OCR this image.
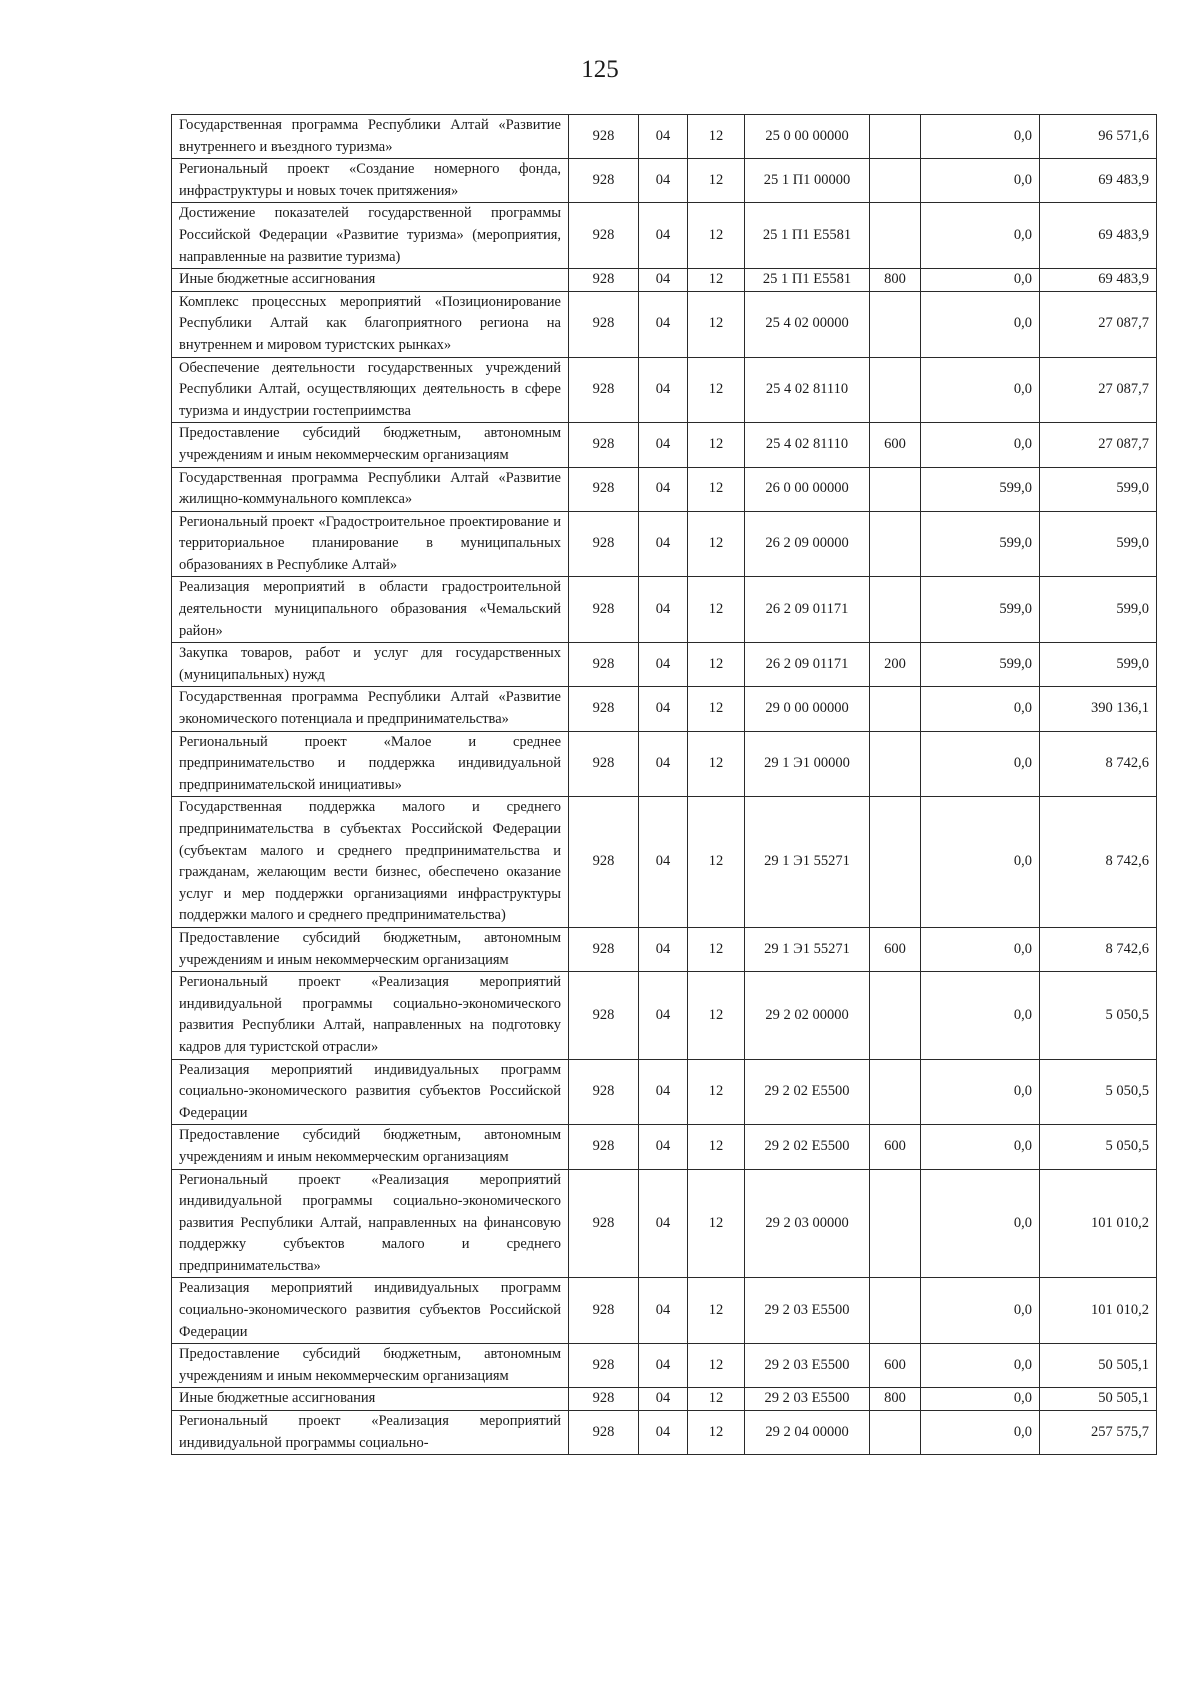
125
Государственная программа Республики Алтай «Развитие внутреннего и въездного туризма»	928	04	12	25 0 00 00000		0,0	96 571,6
Региональный проект «Создание номерного фонда, инфраструктуры и новых точек притяжения»	928	04	12	25 1 П1 00000		0,0	69 483,9
Достижение показателей государственной программы Российской Федерации «Развитие туризма» (мероприятия, направленные на развитие туризма)	928	04	12	25 1 П1 Е5581		0,0	69 483,9
Иные бюджетные ассигнования	928	04	12	25 1 П1 Е5581	800	0,0	69 483,9
Комплекс процессных мероприятий «Позиционирование Республики Алтай как благоприятного региона на внутреннем и мировом туристских рынках»	928	04	12	25 4 02 00000		0,0	27 087,7
Обеспечение деятельности государственных учреждений Республики Алтай, осуществляющих деятельность в сфере туризма и индустрии гостеприимства	928	04	12	25 4 02 81110		0,0	27 087,7
Предоставление субсидий бюджетным, автономным учреждениям и иным некоммерческим организациям	928	04	12	25 4 02 81110	600	0,0	27 087,7
Государственная программа Республики Алтай «Развитие жилищно-коммунального комплекса»	928	04	12	26 0 00 00000		599,0	599,0
Региональный проект «Градостроительное проектирование и территориальное планирование в муниципальных образованиях в Республике Алтай»	928	04	12	26 2 09 00000		599,0	599,0
Реализация мероприятий в области градостроительной деятельности муниципального образования «Чемальский район»	928	04	12	26 2 09 01171		599,0	599,0
Закупка товаров, работ и услуг для государственных (муниципальных) нужд	928	04	12	26 2 09 01171	200	599,0	599,0
Государственная программа Республики Алтай «Развитие экономического потенциала и предпринимательства»	928	04	12	29 0 00 00000		0,0	390 136,1
Региональный проект «Малое и среднее предпринимательство и поддержка индивидуальной предпринимательской инициативы»	928	04	12	29 1 Э1 00000		0,0	8 742,6
Государственная поддержка малого и среднего предпринимательства в субъектах Российской Федерации (субъектам малого и среднего предпринимательства и гражданам, желающим вести бизнес, обеспечено оказание услуг и мер поддержки организациями инфраструктуры поддержки малого и среднего предпринимательства)	928	04	12	29 1 Э1 55271		0,0	8 742,6
Предоставление субсидий бюджетным, автономным учреждениям и иным некоммерческим организациям	928	04	12	29 1 Э1 55271	600	0,0	8 742,6
Региональный проект «Реализация мероприятий индивидуальной программы социально-экономического развития Республики Алтай, направленных на подготовку кадров для туристской отрасли»	928	04	12	29 2 02 00000		0,0	5 050,5
Реализация мероприятий индивидуальных программ социально-экономического развития субъектов Российской Федерации	928	04	12	29 2 02 Е5500		0,0	5 050,5
Предоставление субсидий бюджетным, автономным учреждениям и иным некоммерческим организациям	928	04	12	29 2 02 Е5500	600	0,0	5 050,5
Региональный проект «Реализация мероприятий индивидуальной программы социально-экономического развития Республики Алтай, направленных на финансовую поддержку субъектов малого и среднего предпринимательства»	928	04	12	29 2 03 00000		0,0	101 010,2
Реализация мероприятий индивидуальных программ социально-экономического развития субъектов Российской Федерации	928	04	12	29 2 03 Е5500		0,0	101 010,2
Предоставление субсидий бюджетным, автономным учреждениям и иным некоммерческим организациям	928	04	12	29 2 03 Е5500	600	0,0	50 505,1
Иные бюджетные ассигнования	928	04	12	29 2 03 Е5500	800	0,0	50 505,1
Региональный проект «Реализация мероприятий индивидуальной программы социально-	928	04	12	29 2 04 00000		0,0	257 575,7
